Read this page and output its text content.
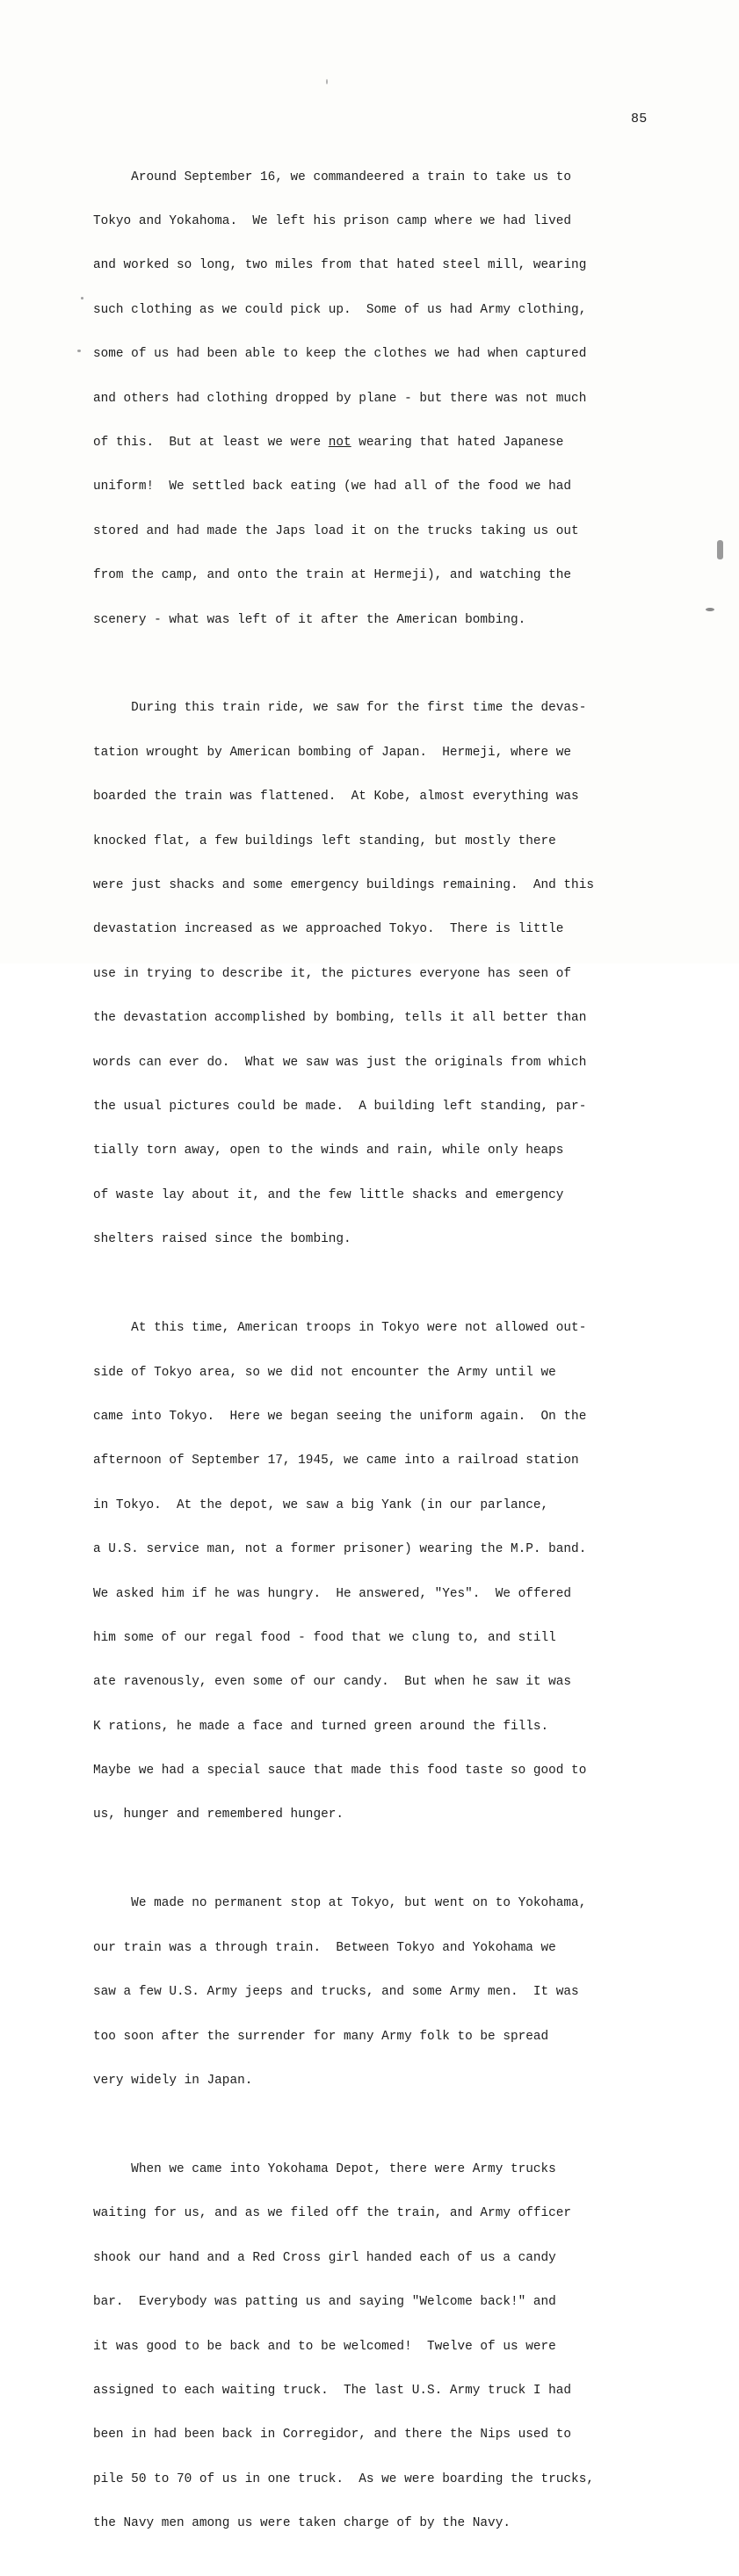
85

Around September 16, we commandeered a train to take us to

Tokyo and Yokahoma.  We left his prison camp where we had lived

and worked so long, two miles from that hated steel mill, wearing

such clothing as we could pick up.  Some of us had Army clothing,

some of us had been able to keep the clothes we had when captured

and others had clothing dropped by plane - but there was not much

of this.  But at least we were not wearing that hated Japanese

uniform!  We settled back eating (we had all of the food we had

stored and had made the Japs load it on the trucks taking us out

from the camp, and onto the train at Hermeji), and watching the

scenery - what was left of it after the American bombing.

During this train ride, we saw for the first time the devas-

tation wrought by American bombing of Japan.  Hermeji, where we

boarded the train was flattened.  At Kobe, almost everything was

knocked flat, a few buildings left standing, but mostly there

were just shacks and some emergency buildings remaining.  And this

devastation increased as we approached Tokyo.  There is little

use in trying to describe it, the pictures everyone has seen of

the devastation accomplished by bombing, tells it all better than

words can ever do.  What we saw was just the originals from which

the usual pictures could be made.  A building left standing, par-

tially torn away, open to the winds and rain, while only heaps

of waste lay about it, and the few little shacks and emergency

shelters raised since the bombing.

At this time, American troops in Tokyo were not allowed out-

side of Tokyo area, so we did not encounter the Army until we

came into Tokyo.  Here we began seeing the uniform again.  On the

afternoon of September 17, 1945, we came into a railroad station

in Tokyo.  At the depot, we saw a big Yank (in our parlance,

a U.S. service man, not a former prisoner) wearing the M.P. band.

We asked him if he was hungry.  He answered, "Yes".  We offered

him some of our regal food - food that we clung to, and still

ate ravenously, even some of our candy.  But when he saw it was

K rations, he made a face and turned green around the fills.

Maybe we had a special sauce that made this food taste so good to

us, hunger and remembered hunger.

We made no permanent stop at Tokyo, but went on to Yokohama,

our train was a through train.  Between Tokyo and Yokohama we

saw a few U.S. Army jeeps and trucks, and some Army men.  It was

too soon after the surrender for many Army folk to be spread

very widely in Japan.

When we came into Yokohama Depot, there were Army trucks

waiting for us, and as we filed off the train, and Army officer

shook our hand and a Red Cross girl handed each of us a candy

bar.  Everybody was patting us and saying "Welcome back!" and

it was good to be back and to be welcomed!  Twelve of us were

assigned to each waiting truck.  The last U.S. Army truck I had

been in had been back in Corregidor, and there the Nips used to

pile 50 to 70 of us in one truck.  As we were boarding the trucks,

the Navy men among us were taken charge of by the Navy.
